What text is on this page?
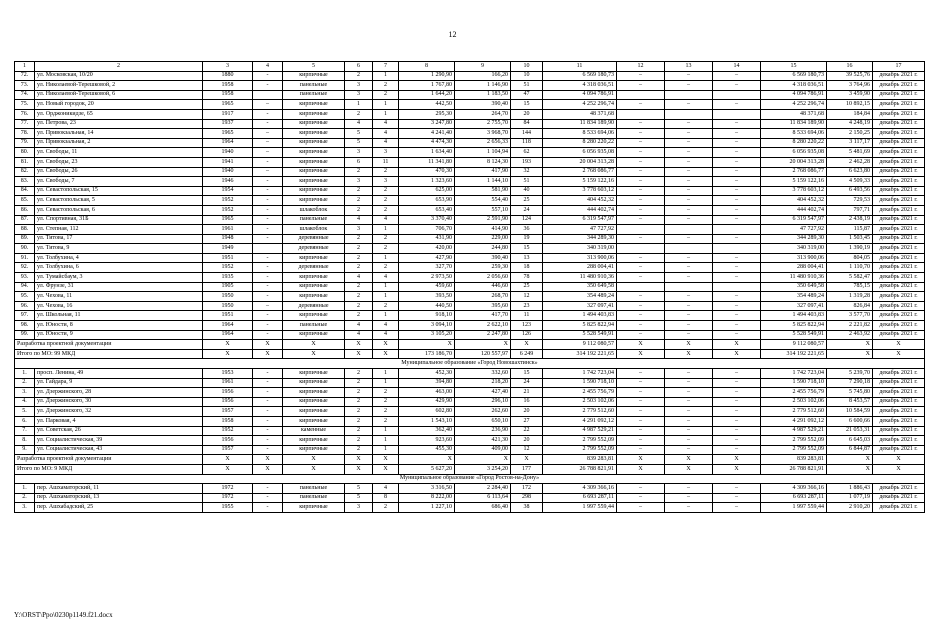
12
1	2	3	4	5	6	7	8	9	10	11	12	13	14	15	16	17
72.	ул. Московская, 10/20	1880	-	кирпичные	2	1	1 290,90	166,20	10	6 569 180,73	–	–	–	6 569 180,73	39 525,76	декабрь 2021 г.
73.	ул. Николаевой-Терешковой, 2	1958	-	панельные	3	2	1 767,80	1 146,90	51	4 318 036,51	–	–	–	4 318 036,51	3 764,96	декабрь 2021 г.
74.	ул. Николаевой-Терешковой, 6	1958		панельные	3	2	1 644,20	1 183,50	47	4 094 786,91				4 094 786,91	3 459,90	декабрь 2021 г.
75.	ул. Новый городок, 20	1965	–	кирпичные	1	1	442,50	390,40	15	4 252 296,74	–	–	–	4 252 296,74	10 892,15	декабрь 2021 г.
76.	ул. Орджоникидзе, 65	1917	-	кирпичные	2	1	295,30	264,70	20	48 371,68				48 371,68	184,84	декабрь 2021 г.
77.	ул. Петрова, 23	1937	-	кирпичные	4	4	3 247,80	2 755,70	84	11 834 189,90	–	–	–	11 834 189,90	4 248,19	декабрь 2021 г.
78.	ул. Привокзальная, 14	1965	–	кирпичные	5	4	4 241,40	3 968,70	144	8 533 694,06	–	–	–	8 533 694,06	2 150,25	декабрь 2021 г.
79.	ул. Привокзальная, 2	1964	–	кирпичные	5	4	4 474,30	2 656,33	118	8 280 220,22	–	–	–	8 280 220,22	3 117,17	декабрь 2021 г.
80.	ул. Свободы, 11	1940	–	кирпичные	3	3	1 634,40	1 104,94	62	6 056 935,08	–	–	–	6 056 935,08	5 481,69	декабрь 2021 г.
81.	ул. Свободы, 23	1941	-	кирпичные	6	11	11 341,80	8 124,30	193	20 004 313,28	–	–	–	20 004 313,28	2 462,28	декабрь 2021 г.
82.	ул. Свободы, 26	1940	–	кирпичные	2	2	470,30	417,90	32	2 768 086,77	–	–	–	2 768 086,77	6 623,80	декабрь 2021 г.
83.	ул. Свободы, 7	1946	-	кирпичные	3	3	1 323,60	1 144,10	51	5 159 122,16	–	–	–	5 159 122,16	4 509,33	декабрь 2021 г.
84.	ул. Севастопольская, 15	1954	-	кирпичные	2	2	625,00	581,90	40	3 778 603,12	–	–	–	3 778 603,12	6 493,56	декабрь 2021 г.
85.	ул. Севастопольская, 5	1952	-	кирпичные	2	2	653,90	554,40	25	404 452,32	–	–	–	404 452,32	729,53	декабрь 2021 г.
86.	ул. Севастопольская, 6	1952	-	шлакоблок	2	2	653,40	557,10	24	444 402,74	–	–	–	444 402,74	797,71	декабрь 2021 г.
87.	ул. Спортивная, 31Б	1965	-	панельные	4	4	3 370,40	2 591,90	124	6 319 547,97	–	–	–	6 319 547,97	2 438,19	декабрь 2021 г.
88.	ул. Степная, 112	1961	-	шлакоблок	3	1	706,70	414,90	36	47 727,92				47 727,92	115,87	декабрь 2021 г.
89.	ул. Титова, 17	1948	-	деревянные	2	2	431,90	229,00	19	344 289,30	–	–	–	344 289,30	1 503,45	декабрь 2021 г.
90.	ул. Титова, 9	1949		деревянные	2	2	420,00	244,80	15	340 319,00				340 319,00	1 390,19	декабрь 2021 г.
91.	ул. Толбухина, 4	1951	-	кирпичные	2	1	427,90	390,40	13	313 900,06	–	–	–	313 900,06	804,05	декабрь 2021 г.
92.	ул. Толбухина, 6	1952	-	деревянные	2	2	327,70	259,30	18	288 004,41	–	–	–	288 004,41	1 110,70	декабрь 2021 г.
93.	ул. Тумайсбаум, 3	1935	-	кирпичные	4	4	2 973,50	2 056,60	78	11 480 910,36	–	–	–	11 480 910,36	5 582,47	декабрь 2021 г.
94.	ул. Фрунзе, 31	1905	-	кирпичные	2	1	459,60	446,60	25	350 649,58				350 649,58	785,15	декабрь 2021 г.
95.	ул. Чехова, 11	1950	-	кирпичные	2	1	393,50	268,70	12	354 489,24	–	–	–	354 489,24	1 319,28	декабрь 2021 г.
96.	ул. Чехова, 16	1950	–	деревянные	2	2	440,50	395,60	23	327 097,41	–	–	–	327 097,41	826,84	декабрь 2021 г.
97.	ул. Школьная, 11	1951	-	кирпичные	2	1	918,10	417,70	11	1 494 403,83	–	–	–	1 494 403,83	3 577,70	декабрь 2021 г.
98.	ул. Юности, 8	1964	-	панельные	4	4	3 094,10	2 622,10	123	5 825 822,94	–	–	–	5 825 822,94	2 221,82	декабрь 2021 г.
99.	ул. Юности, 9	1964	-	кирпичные	4	4	3 105,20	2 247,80	126	5 528 549,91	–	–	–	5 528 549,91	2 463,92	декабрь 2021 г.
Разработка проектной документации		X	X	X	X	X	X	X	X	9 112 080,57	X	X	X	9 112 080,57	X	X
Итого по МО: 99 МКД		X	X	X	X	X	173 186,70	120 557,97	6 249	314 192 221,65	X	X	X	314 192 221,65	X	X
Муниципальное образование «Город Новошахтинск»																
1.	просп. Ленина, 49	1953	-	кирпичные	2	1	452,30	332,60	15	1 742 723,04	–	–	–	1 742 723,04	5 239,70	декабрь 2021 г.
2.	ул. Гайдара, 9	1961	-	кирпичные	2	1	394,80	218,20	24	1 590 718,10	–	–	–	1 590 718,10	7 290,18	декабрь 2021 г.
3.	ул. Дзержинского, 28	1956	-	кирпичные	2	2	463,00	427,40	21	2 455 756,79	–	–	–	2 455 756,79	5 745,80	декабрь 2021 г.
4.	ул. Дзержинского, 30	1956	-	кирпичные	2	2	429,90	296,10	16	2 503 102,06	–	–	–	2 503 102,06	8 453,57	декабрь 2021 г.
5.	ул. Дзержинского, 32	1957	-	кирпичные	2	2	602,80	262,60	20	2 779 512,60	–	–	–	2 779 512,60	10 584,59	декабрь 2021 г.
6.	ул. Парковая, 4	1958	-	кирпичные	2	2	1 543,10	650,10	27	4 291 092,12	–	–	–	4 291 092,12	6 600,66	декабрь 2021 г.
7.	ул. Советская, 26	1952	-	каменные	2	1	362,40	236,90	22	4 987 529,21	–	–	–	4 987 529,21	21 053,31	декабрь 2021 г.
8.	ул. Социалистическая, 39	1956	-	кирпичные	2	1	923,60	421,30	20	2 799 552,09	–	–	–	2 799 552,09	6 645,03	декабрь 2021 г.
9.	ул. Социалистическая, 43	1957	-	кирпичные	2	1	455,30	409,00	12	2 799 552,09	–	–	–	2 799 552,09	6 844,87	декабрь 2021 г.
Разработка проектной документации		X	X	X	X	X	X	X	X	839 283,81	X	X	X	839 283,81	X	X
Итого по МО: 9 МКД		X	X	X	X	X	5 627,20	3 254,20	177	26 788 821,91	X	X	X	26 788 821,91	X	X
Муниципальное образование «Город Ростов-на-Дону»																
1.	пер. Ашхаматорский, 11	1972	-	панельные	5	4	3 316,50	2 284,40	172	4 309 366,16	–	–	–	4 309 366,16	1 886,43	декабрь 2021 г.
2.	пер. Ашхаматорский, 13	1972	-	панельные	5	8	8 222,00	6 113,64	298	6 693 287,11	–	–	–	6 693 287,11	1 077,19	декабрь 2021 г.
3.	пер. Ашхабадский, 25	1955	-	кирпичные	3	2	1 227,10	686,40	38	1 997 559,44	–	–	–	1 997 559,44	2 910,20	декабрь 2021 г.
Y:\ORST\Ppo\0230p1149.f21.docx
